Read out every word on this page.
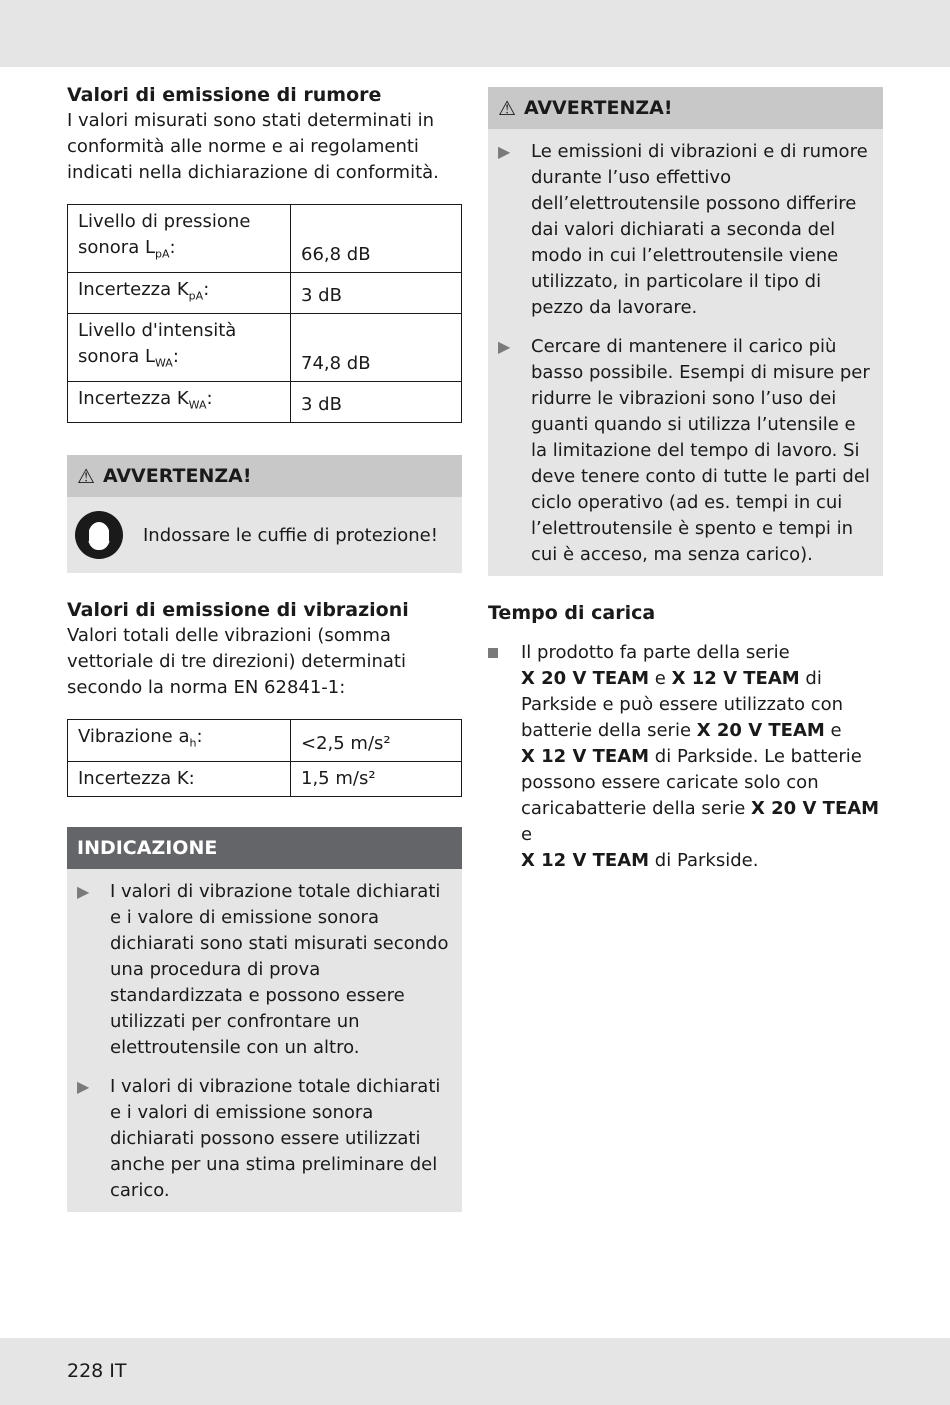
Valori di emissione di rumore

I valori misurati sono stati determinati in conformità alle norme e ai regolamenti indicati nella dichiarazione di conformità.

Livello di pressione
sonora $L_{pA}$:	66,8 dB
Incertezza $K_{pA}$:	3 dB
Livello d'intensità
sonora $L_{WA}$:	74,8 dB
Incertezza $K_{WA}$:	3 dB
⚠ AVVERTENZA!
Indossare le cuffie di protezione!
Valori di emissione di vibrazioni

Valori totali delle vibrazioni (somma vettoriale di tre direzioni) determinati secondo la norma EN 62841-1:

Vibrazione $a_h$:	<2,5 m/s²
Incertezza K:	1,5 m/s²
INDICAZIONE
▶	I valori di vibrazione totale dichiarati e i valore di emissione sonora dichiarati sono stati misurati secondo una procedura di prova standardizzata e possono essere utilizzati per confrontare un elettroutensile con un altro.
▶	I valori di vibrazione totale dichiarati e i valori di emissione sonora dichiarati possono essere utilizzati anche per una stima preliminare del carico.
⚠ AVVERTENZA!
▶	Le emissioni di vibrazioni e di rumore durante l’uso effettivo dell’elettroutensile possono differire dai valori dichiarati a seconda del modo in cui l’elettroutensile viene utilizzato, in particolare il tipo di pezzo da lavorare.
▶	Cercare di mantenere il carico più basso possibile. Esempi di misure per ridurre le vibrazioni sono l’uso dei guanti quando si utilizza l’utensile e la limitazione del tempo di lavoro. Si deve tenere conto di tutte le parti del ciclo operativo (ad es. tempi in cui l’elettroutensile è spento e tempi in cui è acceso, ma senza carico).
Tempo di carica
Il prodotto fa parte della serie
X 20 V TEAM e X 12 V TEAM di Parkside e può essere utilizzato con batterie della serie X 20 V TEAM e
X 12 V TEAM di Parkside. Le batterie possono essere caricate solo con caricabatterie della serie X 20 V TEAM e
X 12 V TEAM di Parkside.
228 IT
